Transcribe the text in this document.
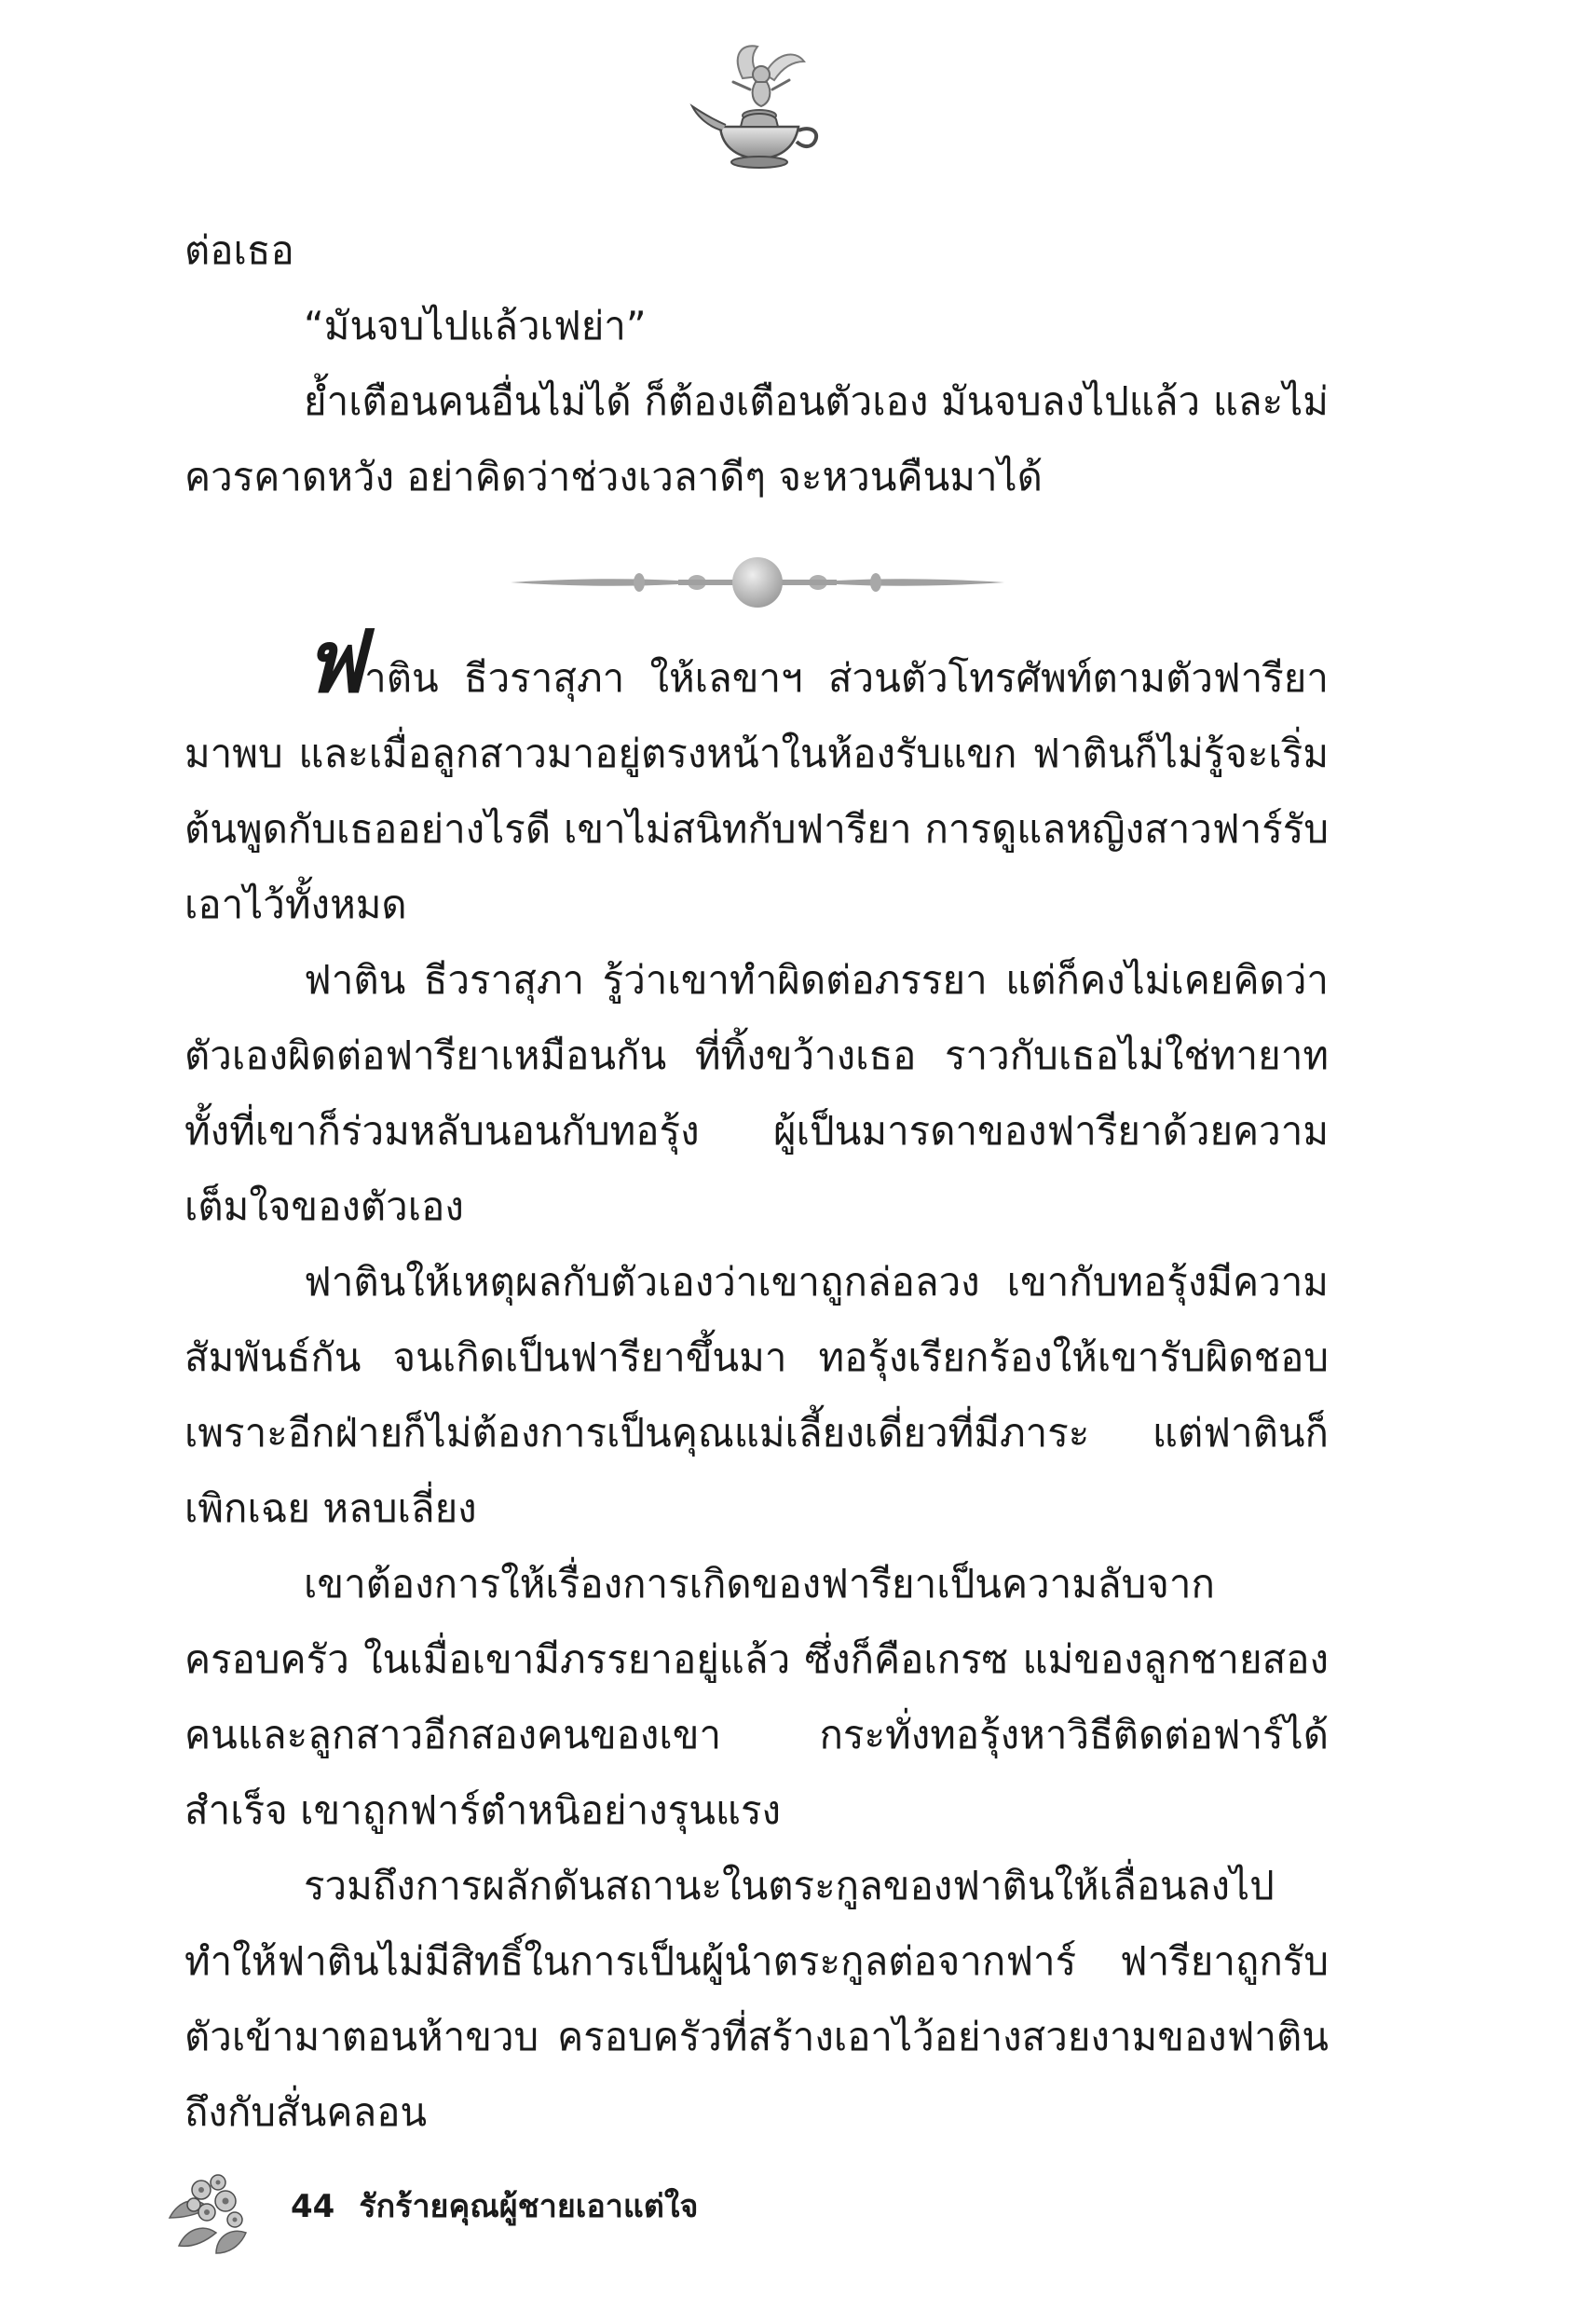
ต่อเธอ

“มันจบไปแล้วเฟย่า”

ย้ำเตือนคนอื่นไม่ได้ ก็ต้องเตือนตัวเอง มันจบลงไปแล้ว และไม่ควรคาดหวัง อย่าคิดว่าช่วงเวลาดีๆ จะหวนคืนมาได้

ฟาติน ธีวราสุภา ให้เลขาฯ ส่วนตัวโทรศัพท์ตามตัวฟารียามาพบ และเมื่อลูกสาวมาอยู่ตรงหน้าในห้องรับแขก ฟาตินก็ไม่รู้จะเริ่มต้นพูดกับเธออย่างไรดี เขาไม่สนิทกับฟารียา การดูแลหญิงสาวฟาร์รับเอาไว้ทั้งหมด

ฟาติน ธีวราสุภา รู้ว่าเขาทำผิดต่อภรรยา แต่ก็คงไม่เคยคิดว่าตัวเองผิดต่อฟารียาเหมือนกัน ที่ทิ้งขว้างเธอ ราวกับเธอไม่ใช่ทายาท ทั้งที่เขาก็ร่วมหลับนอนกับทอรุ้ง ผู้เป็นมารดาของฟารียาด้วยความเต็มใจของตัวเอง

ฟาตินให้เหตุผลกับตัวเองว่าเขาถูกล่อลวง เขากับทอรุ้งมีความสัมพันธ์กัน จนเกิดเป็นฟารียาขึ้นมา ทอรุ้งเรียกร้องให้เขารับผิดชอบ เพราะอีกฝ่ายก็ไม่ต้องการเป็นคุณแม่เลี้ยงเดี่ยวที่มีภาระ แต่ฟาตินก็เพิกเฉย หลบเลี่ยง

เขาต้องการให้เรื่องการเกิดของฟารียาเป็นความลับจากครอบครัว ในเมื่อเขามีภรรยาอยู่แล้ว ซึ่งก็คือเกรซ แม่ของลูกชายสองคนและลูกสาวอีกสองคนของเขา กระทั่งทอรุ้งหาวิธีติดต่อฟาร์ได้สำเร็จ เขาถูกฟาร์ตำหนิอย่างรุนแรง

รวมถึงการผลักดันสถานะในตระกูลของฟาตินให้เลื่อนลงไป ทำให้ฟาตินไม่มีสิทธิ์ในการเป็นผู้นำตระกูลต่อจากฟาร์ ฟารียาถูกรับตัวเข้ามาตอนห้าขวบ ครอบครัวที่สร้างเอาไว้อย่างสวยงามของฟาตินถึงกับสั่นคลอน

44 รักร้ายคุณผู้ชายเอาแต่ใจ
